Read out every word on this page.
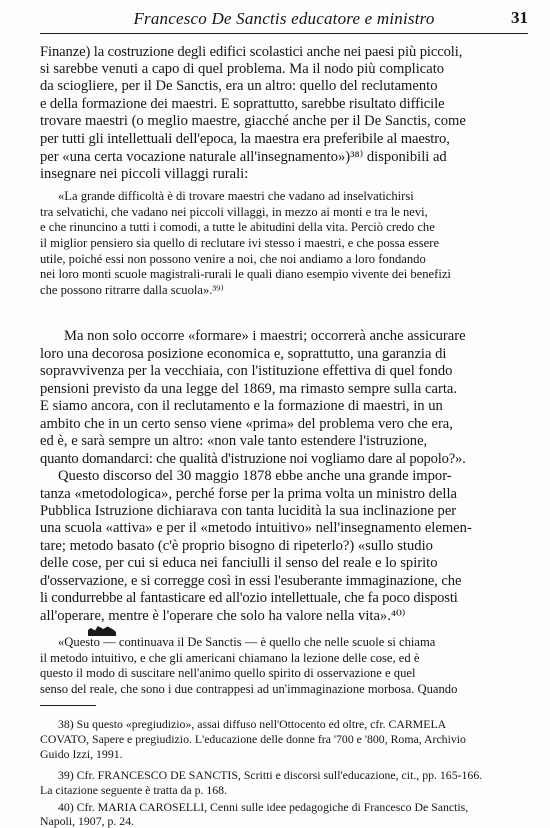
Francesco De Sanctis educatore e ministro	31
Finanze) la costruzione degli edifici scolastici anche nei paesi più piccoli,
si sarebbe venuti a capo di quel problema. Ma il nodo più complicato
da sciogliere, per il De Sanctis, era un altro: quello del reclutamento
e della formazione dei maestri. E soprattutto, sarebbe risultato difficile
trovare maestri (o meglio maestre, giacché anche per il De Sanctis, come
per tutti gli intellettuali dell'epoca, la maestra era preferibile al maestro,
per «una certa vocazione naturale all'insegnamento»)³⁸⁾ disponibili ad
insegnare nei piccoli villaggi rurali:
«La grande difficoltà è di trovare maestri che vadano ad inselvatichirsi
tra selvatichi, che vadano nei piccoli villaggi, in mezzo ai monti e tra le nevi,
e che rinuncino a tutti i comodi, a tutte le abitudini della vita. Perciò credo che
il miglior pensiero sia quello di reclutare ivi stesso i maestri, e che possa essere
utile, poiché essi non possono venire a noi, che noi andiamo a loro fondando
nei loro monti scuole magistrali-rurali le quali diano esempio vivente dei benefizi
che possono ritrarre dalla scuola».³⁹⁾
Ma non solo occorre «formare» i maestri; occorrerà anche assicurare
loro una decorosa posizione economica e, soprattutto, una garanzia di
sopravvivenza per la vecchiaia, con l'istituzione effettiva di quel fondo
pensioni previsto da una legge del 1869, ma rimasto sempre sulla carta.
E siamo ancora, con il reclutamento e la formazione di maestri, in un
ambito che in un certo senso viene «prima» del problema vero che era,
ed è, e sarà sempre un altro: «non vale tanto estendere l'istruzione,
quanto domandarci: che qualità d'istruzione noi vogliamo dare al popolo?».
Questo discorso del 30 maggio 1878 ebbe anche una grande impor-
tanza «metodologica», perché forse per la prima volta un ministro della
Pubblica Istruzione dichiarava con tanta lucidità la sua inclinazione per
una scuola «attiva» e per il «metodo intuitivo» nell'insegnamento elemen-
tare; metodo basato (c'è proprio bisogno di ripeterlo?) «sullo studio
delle cose, per cui si educa nei fanciulli il senso del reale e lo spirito
d'osservazione, e si corregge così in essi l'esuberante immaginazione, che
li condurrebbe al fantasticare ed all'ozio intellettuale, che fa poco disposti
all'operare, mentre è l'operare che solo ha valore nella vita».⁴⁰⁾
«Questo — continuava il De Sanctis — è quello che nelle scuole si chiama
il metodo intuitivo, e che gli americani chiamano la lezione delle cose, ed è
questo il modo di suscitare nell'animo quello spirito di osservazione e quel
senso del reale, che sono i due contrappesi ad un'immaginazione morbosa. Quando
38) Su questo «pregiudizio», assai diffuso nell'Ottocento ed oltre, cfr. CARMELA
COVATO, Sapere e pregiudizio. L'educazione delle donne fra '700 e '800, Roma, Archivio
Guido Izzi, 1991.
39) Cfr. FRANCESCO DE SANCTIS, Scritti e discorsi sull'educazione, cit., pp. 165-166.
La citazione seguente è tratta da p. 168.
40) Cfr. MARIA CAROSELLI, Cenni sulle idee pedagogiche di Francesco De Sanctis,
Napoli, 1907, p. 24.
